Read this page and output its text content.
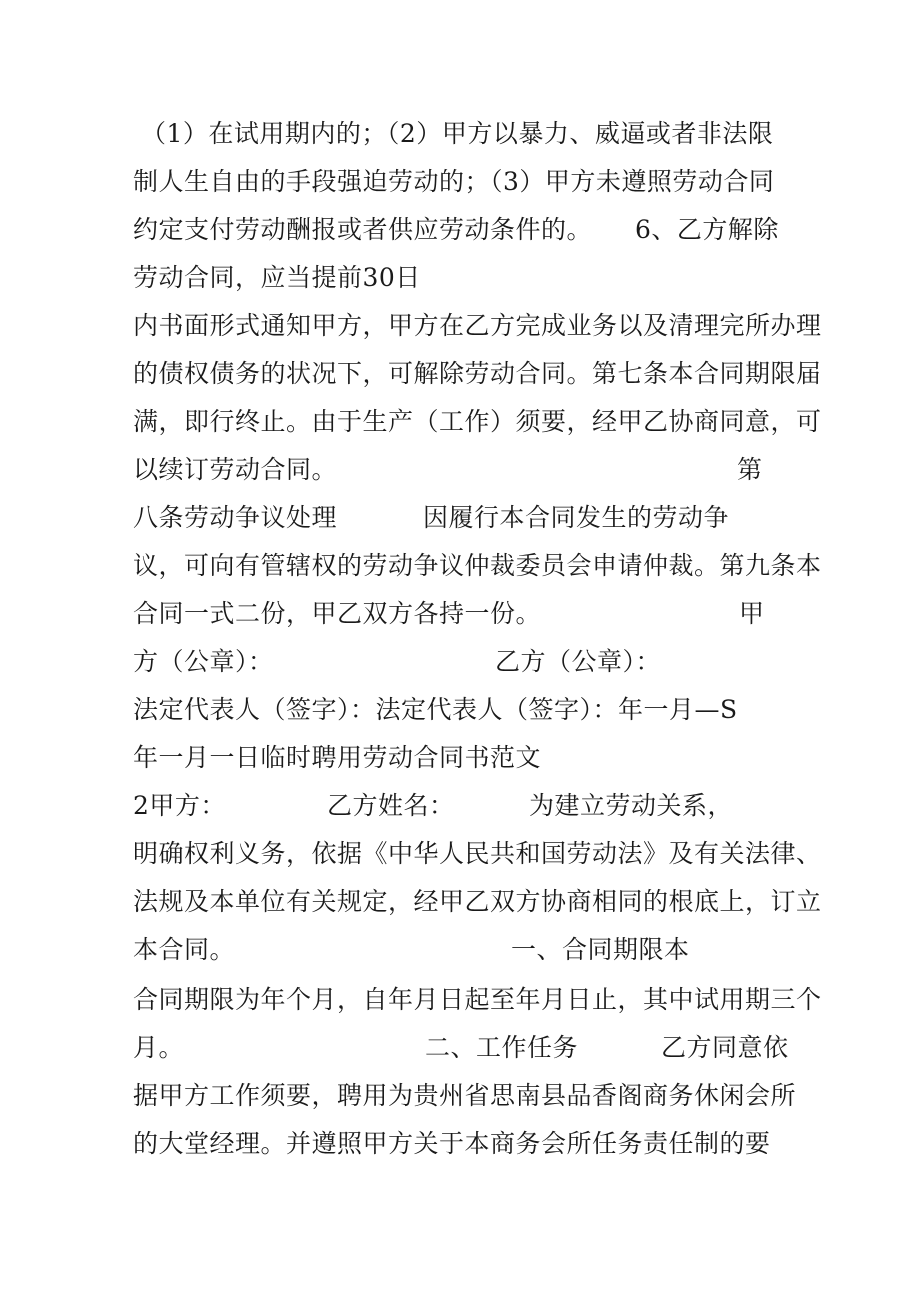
（1）在试用期内的；（2）甲方以暴力、威逼或者非法限

制人生自由的手段强迫劳动的；（3）甲方未遵照劳动合同

约定支付劳动酬报或者供应劳动条件的。

6、乙方解除

劳动合同，应当提前30日

内书面形式通知甲方，甲方在乙方完成业务以及清理完所办理

的债权债务的状况下，可解除劳动合同。第七条本合同期限届

满，即行终止。由于生产（工作）须要，经甲乙协商同意，可

以续订劳动合同。

	第

八条劳动争议处理

	因履行本合同发生的劳动争

议，可向有管辖权的劳动争议仲裁委员会申请仲裁。第九条本

合同一式二份，甲乙双方各持一份。

	甲

方（公章）：

	乙方（公章）：

法定代表人（签字）：法定代表人（签字）：年一月—S

年一月一日临时聘用劳动合同书范文

2甲方：

	乙方姓名：

	为建立劳动关系，

明确权利义务，依据《中华人民共和国劳动法》及有关法律、

法规及本单位有关规定，经甲乙双方协商相同的根底上，订立

本合同。

	一、合同期限本

合同期限为年个月，自年月日起至年月日止，其中试用期三个

月。

	二、工作任务

	乙方同意依

据甲方工作须要，聘用为贵州省思南县品香阁商务休闲会所

的大堂经理。并遵照甲方关于本商务会所任务责任制的要
